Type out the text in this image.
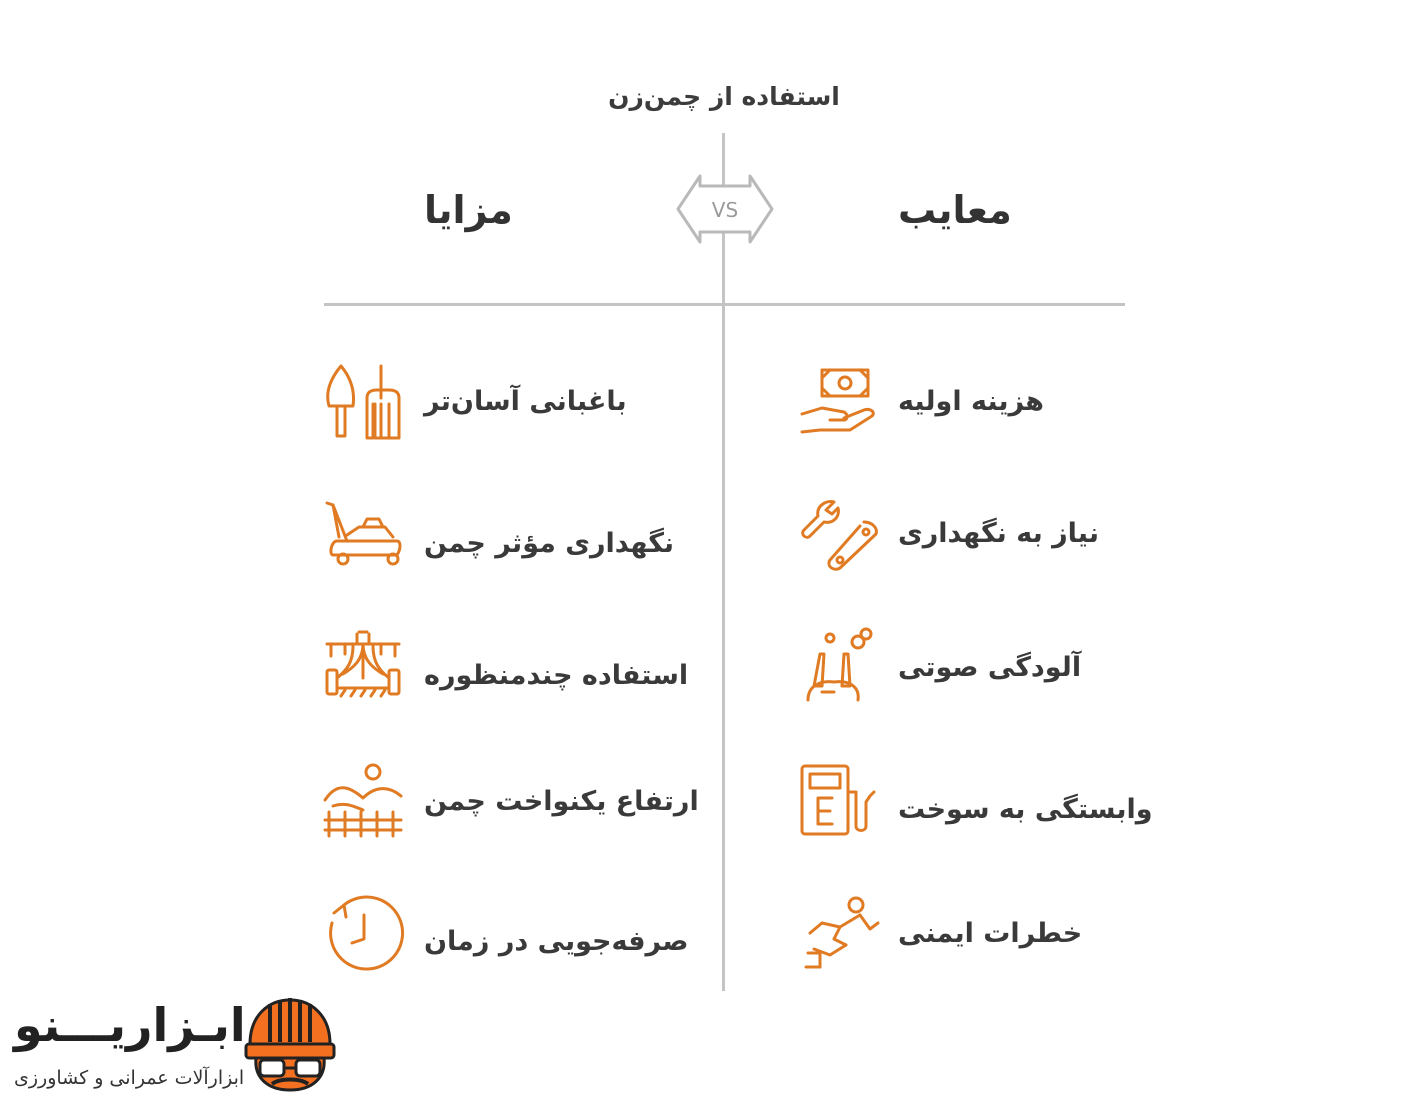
استفاده از چمن‌زن
مزایا	معایب
VS
باغبانی آسان‌تر
نگهداری مؤثر چمن
استفاده چندمنظوره
ارتفاع یکنواخت چمن
صرفه‌جویی در زمان
هزینه اولیه
نیاز به نگهداری
آلودگی صوتی
وابستگی به سوخت
خطرات ایمنی
ابـزاریـــنو
ابزارآلات عمرانی و کشاورزی
